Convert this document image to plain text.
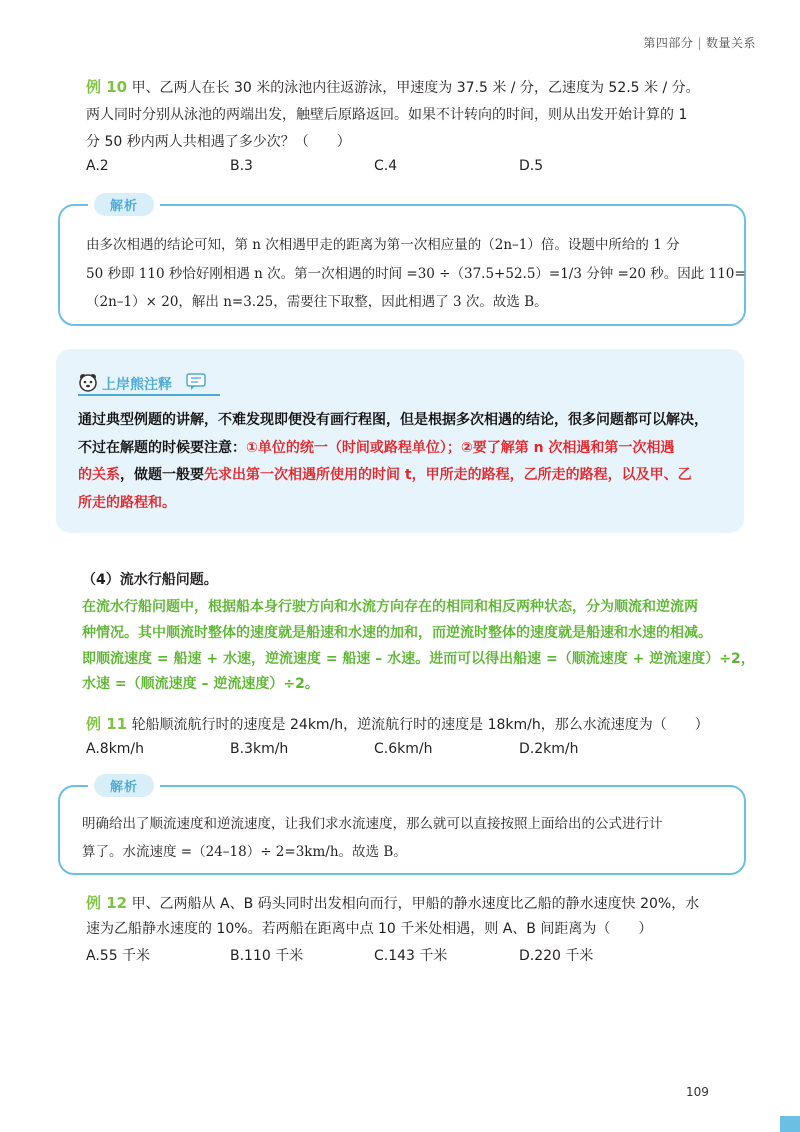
第四部分 | 数量关系
例 10 甲、乙两人在长 30 米的泳池内往返游泳，甲速度为 37.5 米 / 分，乙速度为 52.5 米 / 分。
两人同时分别从泳池的两端出发，触壁后原路返回。如果不计转向的时间，则从出发开始计算的 1
分 50 秒内两人共相遇了多少次？（　　）
A.2	B.3	C.4	D.5
解析
由多次相遇的结论可知，第 n 次相遇甲走的距离为第一次相应量的（2n–1）倍。设题中所给的 1 分
50 秒即 110 秒恰好刚相遇 n 次。第一次相遇的时间 =30 ÷（37.5+52.5）=1/3 分钟 =20 秒。因此 110=
（2n–1）× 20，解出 n=3.25，需要往下取整，因此相遇了 3 次。故选 B。
上岸熊注释
通过典型例题的讲解，不难发现即便没有画行程图，但是根据多次相遇的结论，很多问题都可以解决，
不过在解题的时候要注意：①单位的统一（时间或路程单位）；②要了解第 n 次相遇和第一次相遇
的关系，做题一般要先求出第一次相遇所使用的时间 t，甲所走的路程，乙所走的路程，以及甲、乙
所走的路程和。
（4）流水行船问题。
在流水行船问题中，根据船本身行驶方向和水流方向存在的相同和相反两种状态，分为顺流和逆流两
种情况。其中顺流时整体的速度就是船速和水速的加和，而逆流时整体的速度就是船速和水速的相减。
即顺流速度 = 船速 + 水速，逆流速度 = 船速 – 水速。进而可以得出船速 =（顺流速度 + 逆流速度）÷2，
水速 =（顺流速度 – 逆流速度）÷2。
例 11 轮船顺流航行时的速度是 24km/h，逆流航行时的速度是 18km/h，那么水流速度为（　　）
A.8km/h	B.3km/h	C.6km/h	D.2km/h
解析
明确给出了顺流速度和逆流速度，让我们求水流速度，那么就可以直接按照上面给出的公式进行计
算了。水流速度 =（24–18）÷ 2=3km/h。故选 B。
例 12 甲、乙两船从 A、B 码头同时出发相向而行，甲船的静水速度比乙船的静水速度快 20%，水
速为乙船静水速度的 10%。若两船在距离中点 10 千米处相遇，则 A、B 间距离为（　　）
A.55 千米	B.110 千米	C.143 千米	D.220 千米
109
